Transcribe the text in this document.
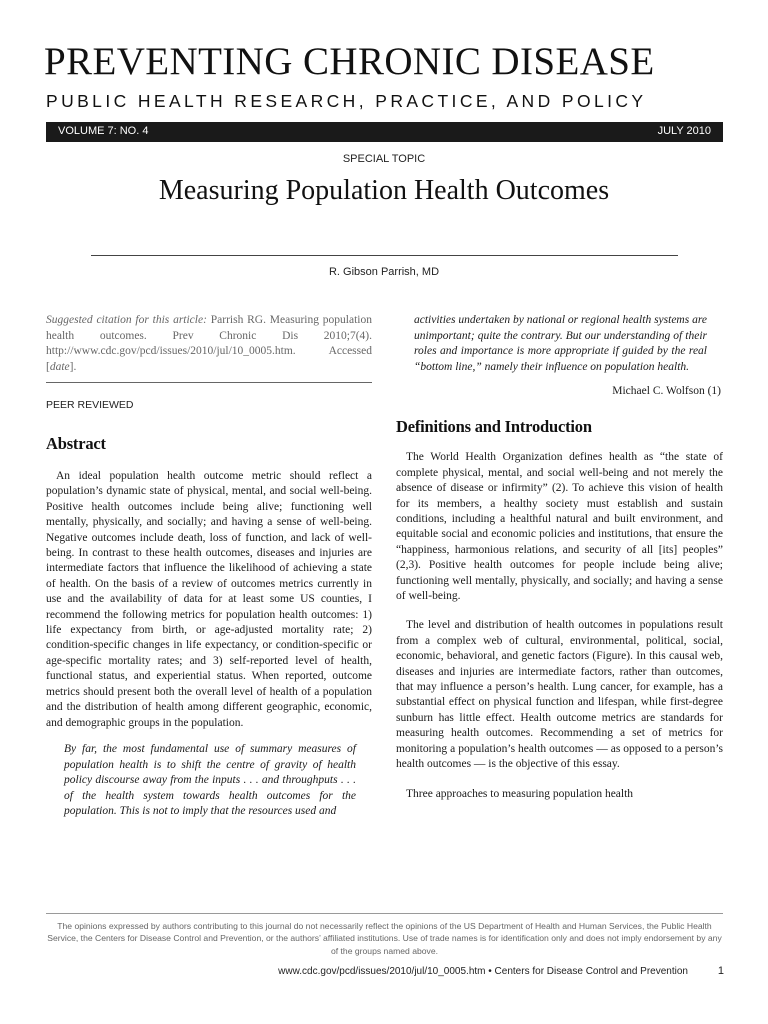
PREVENTING CHRONIC DISEASE
PUBLIC HEALTH RESEARCH, PRACTICE, AND POLICY
VOLUME 7: NO. 4	JULY 2010
SPECIAL TOPIC
Measuring Population Health Outcomes
R. Gibson Parrish, MD
Suggested citation for this article: Parrish RG. Measuring population health outcomes. Prev Chronic Dis 2010;7(4). http://www.cdc.gov/pcd/issues/2010/jul/10_0005.htm. Accessed [date].
PEER REVIEWED
Abstract

An ideal population health outcome metric should reflect a population’s dynamic state of physical, mental, and social well-being. Positive health outcomes include being alive; functioning well mentally, physically, and socially; and having a sense of well-being. Negative outcomes include death, loss of function, and lack of well-being. In contrast to these health outcomes, diseases and injuries are intermediate factors that influence the likelihood of achieving a state of health. On the basis of a review of outcomes metrics currently in use and the availability of data for at least some US counties, I recommend the following metrics for population health outcomes: 1) life expectancy from birth, or age-adjusted mortality rate; 2) condition-specific changes in life expectancy, or condition-specific or age-specific mortality rates; and 3) self-reported level of health, functional status, and experiential status. When reported, outcome metrics should present both the overall level of health of a population and the distribution of health among different geographic, economic, and demographic groups in the population.

By far, the most fundamental use of summary measures of population health is to shift the centre of gravity of health policy discourse away from the inputs . . . and throughputs . . . of the health system towards health outcomes for the population. This is not to imply that the resources used and
activities undertaken by national or regional health systems are unimportant; quite the contrary. But our understanding of their roles and importance is more appropriate if guided by the real “bottom line,” namely their influence on population health.
Michael C. Wolfson (1)
Definitions and Introduction

The World Health Organization defines health as “the state of complete physical, mental, and social well-being and not merely the absence of disease or infirmity” (2). To achieve this vision of health for its members, a healthy society must establish and sustain conditions, including a healthful natural and built environment, and equitable social and economic policies and institutions, that ensure the “happiness, harmonious relations, and security of all [its] peoples” (2,3). Positive health outcomes for people include being alive; functioning well mentally, physically, and socially; and having a sense of well-being.

The level and distribution of health outcomes in populations result from a complex web of cultural, environmental, political, social, economic, behavioral, and genetic factors (Figure). In this causal web, diseases and injuries are intermediate factors, rather than outcomes, that may influence a person’s health. Lung cancer, for example, has a substantial effect on physical function and lifespan, while first-degree sunburn has little effect. Health outcome metrics are standards for measuring health outcomes. Recommending a set of metrics for monitoring a population’s health outcomes — as opposed to a person’s health outcomes — is the objective of this essay.

Three approaches to measuring population health

The opinions expressed by authors contributing to this journal do not necessarily reflect the opinions of the US Department of Health and Human Services, the Public Health Service, the Centers for Disease Control and Prevention, or the authors’ affiliated institutions. Use of trade names is for identification only and does not imply endorsement by any of the groups named above.
www.cdc.gov/pcd/issues/2010/jul/10_0005.htm • Centers for Disease Control and Prevention	1
